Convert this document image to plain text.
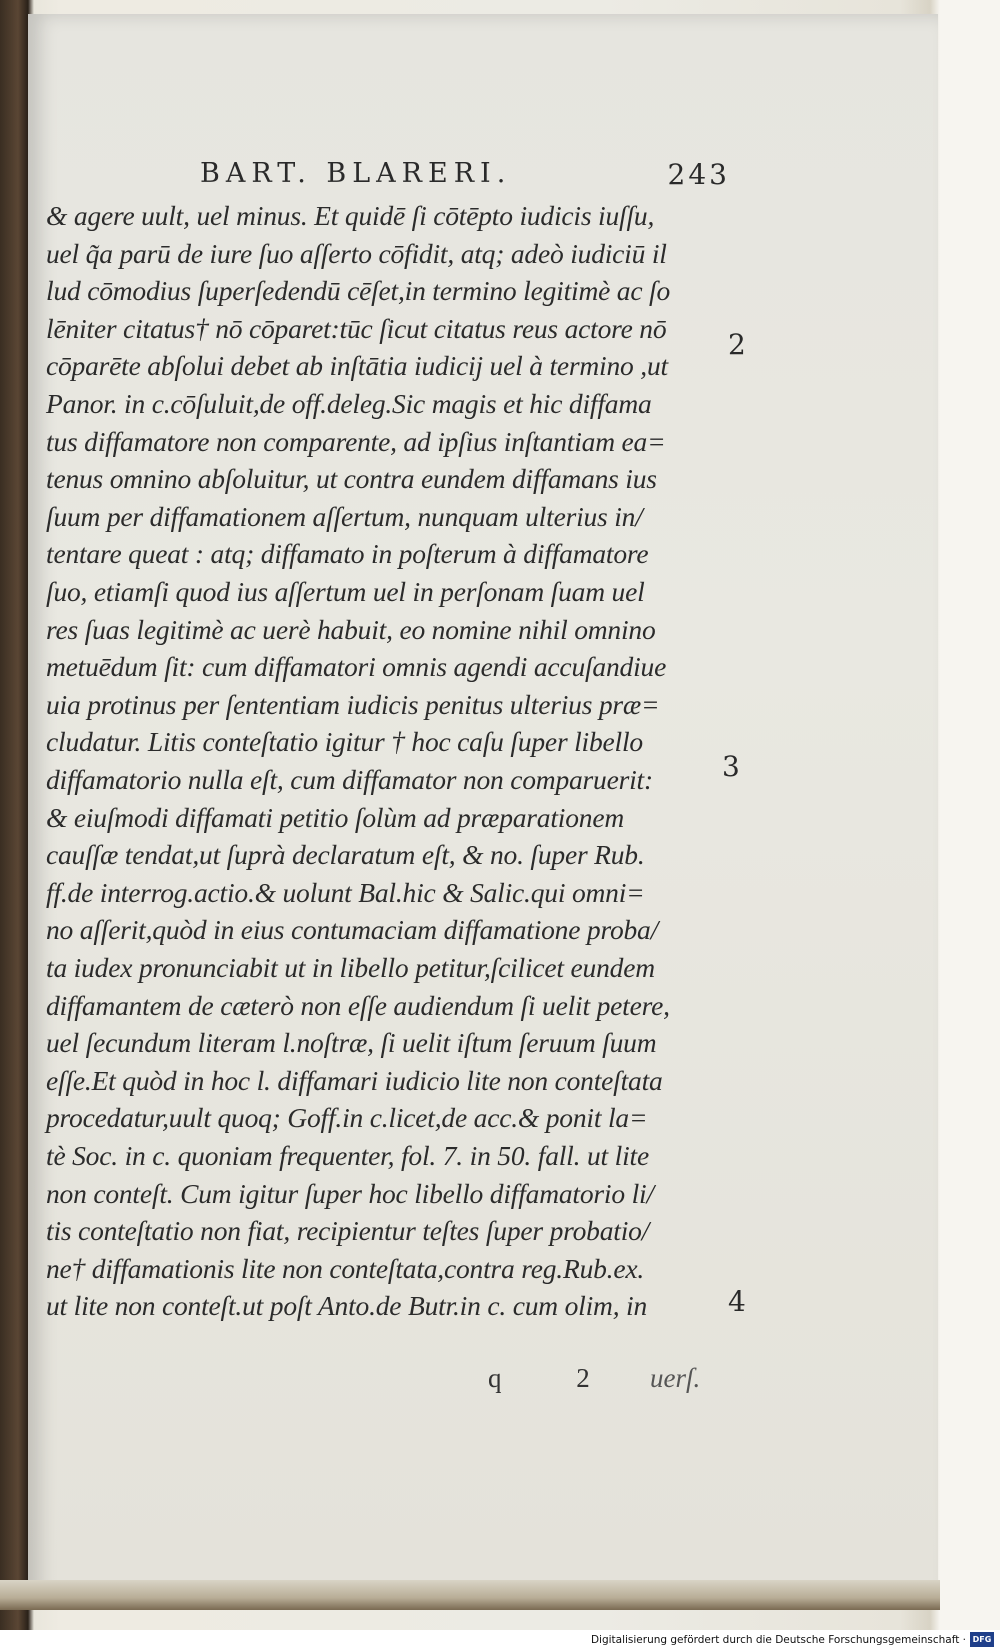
BART. BLARERI.	243
& agere uult, uel minus. Et quidē ſi cōtēpto iudicis iuſſu,
uel q̃a parū de iure ſuo aſſerto cōfidit, atq; adeò iudiciū il
lud cōmodius ſuperſedendū cēſet,in termino legitimè ac ſo
lēniter citatus† nō cōparet:tūc ſicut citatus reus actore nō
cōparēte abſolui debet ab inſtātia iudicij uel à termino ,ut
Panor. in c.cōſuluit,de off.deleg.Sic magis et hic diffama
tus diffamatore non comparente, ad ipſius inſtantiam ea=
tenus omnino abſoluitur, ut contra eundem diffamans ius
ſuum per diffamationem aſſertum, nunquam ulterius in/
tentare queat : atq; diffamato in poſterum à diffamatore
ſuo, etiamſi quod ius aſſertum uel in perſonam ſuam uel
res ſuas legitimè ac uerè habuit, eo nomine nihil omnino
metuēdum ſit: cum diffamatori omnis agendi accuſandiue
uia protinus per ſententiam iudicis penitus ulterius præ=
cludatur. Litis conteſtatio igitur † hoc caſu ſuper libello
diffamatorio nulla eſt, cum diffamator non comparuerit:
& eiuſmodi diffamati petitio ſolùm ad præparationem
cauſſæ tendat,ut ſuprà declaratum eſt, & no. ſuper Rub.
ff.de interrog.actio.& uolunt Bal.hic & Salic.qui omni=
no aſſerit,quòd in eius contumaciam diffamatione proba/
ta iudex pronunciabit ut in libello petitur,ſcilicet eundem
diffamantem de cæterò non eſſe audiendum ſi uelit petere,
uel ſecundum literam l.noſtræ, ſi uelit iſtum ſeruum ſuum
eſſe.Et quòd in hoc l. diffamari iudicio lite non conteſtata
procedatur,uult quoq; Goff.in c.licet,de acc.& ponit la=
tè Soc. in c. quoniam frequenter, fol. 7. in 50. fall. ut lite
non conteſt. Cum igitur ſuper hoc libello diffamatorio li/
tis conteſtatio non fiat, recipientur teſtes ſuper probatio/
ne† diffamationis lite non conteſtata,contra reg.Rub.ex.
ut lite non conteſt.ut poſt Anto.de Butr.in c. cum olim, in
2
3
4
q 2 uerſ.
Digitalisierung gefördert durch die Deutsche Forschungsgemeinschaft · DFG
